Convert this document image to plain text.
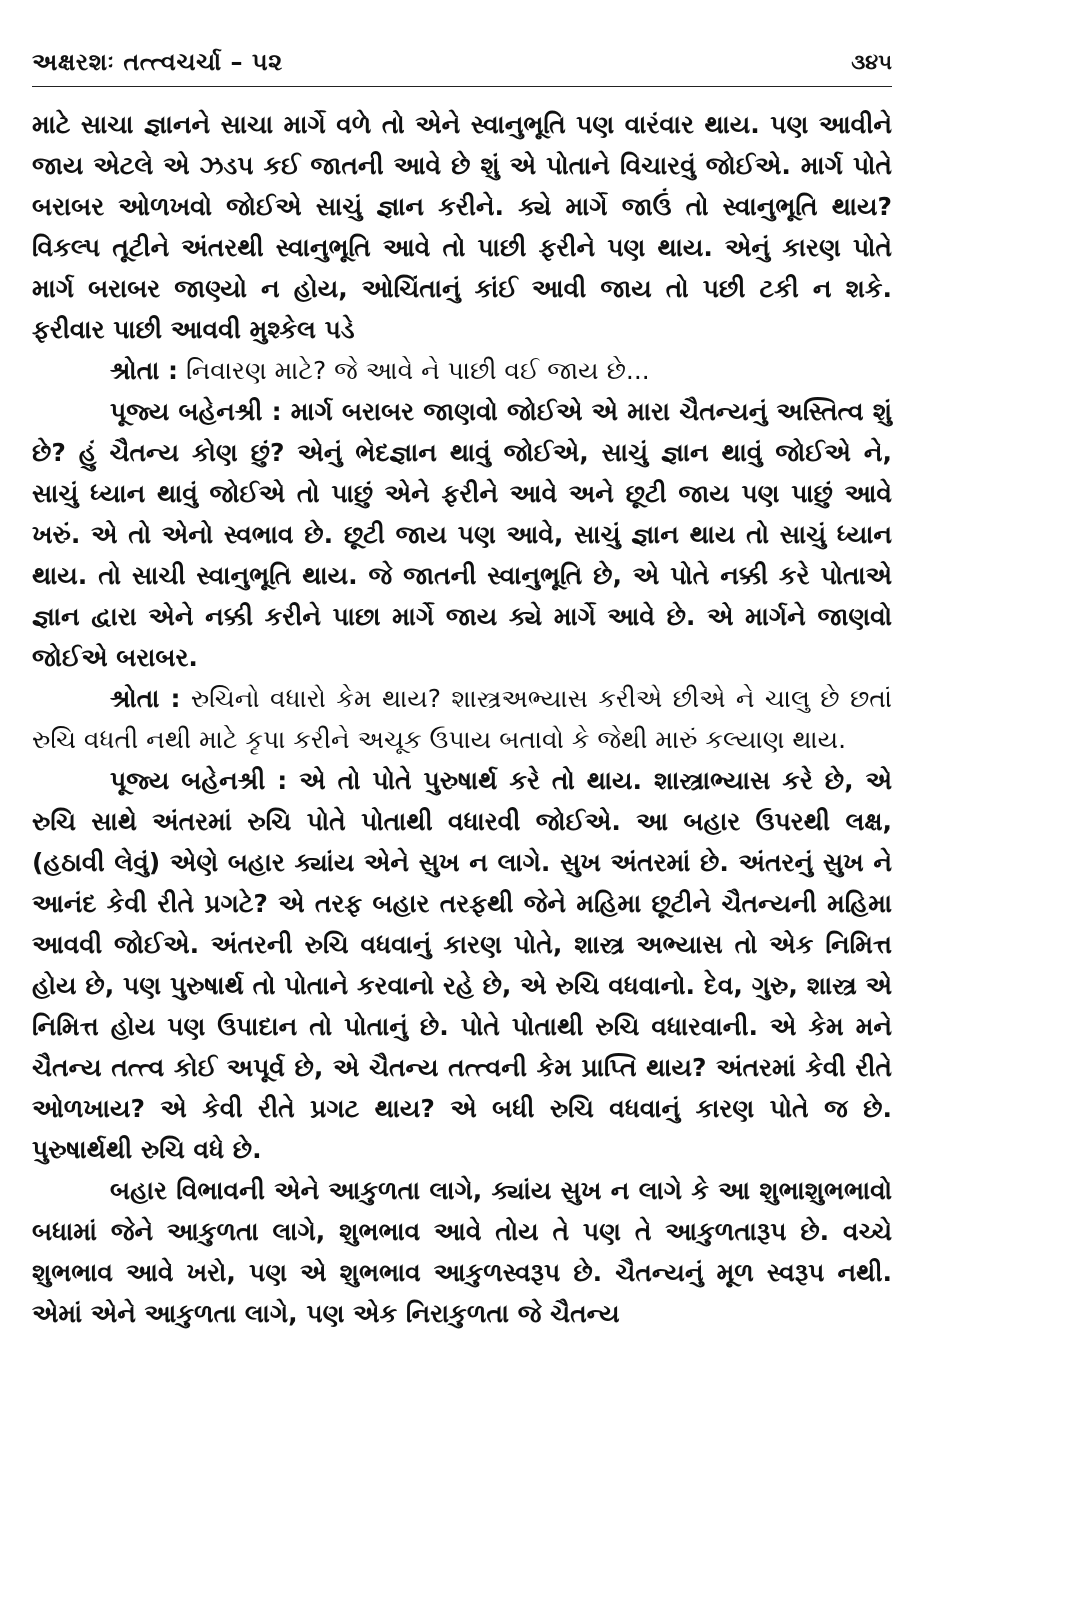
અક્ષરશઃ તત્ત્વચર્ચા – ૫૨	૩૪૫

માટે સાચા જ્ઞાનને સાચા માર્ગે વળે તો એને સ્વાનુભૂતિ પણ વારંવાર થાય. પણ આવીને જાય એટલે એ ઝડપ કઈ જાતની આવે છે શું એ પોતાને વિચારવું જોઈએ. માર્ગ પોતે બરાબર ઓળખવો જોઈએ સાચું જ્ઞાન કરીને. ક્યે માર્ગે જાઉં તો સ્વાનુભૂતિ થાય? વિકલ્પ તૂટીને અંતરથી સ્વાનુભૂતિ આવે તો પાછી ફરીને પણ થાય. એનું કારણ પોતે માર્ગ બરાબર જાણ્યો ન હોય, ઓચિંતાનું કાંઈ આવી જાય તો પછી ટકી ન શકે. ફરીવાર પાછી આવવી મુશ્કેલ પડે

શ્રોતા : નિવારણ માટે? જે આવે ને પાછી વઈ જાય છે...

પૂજ્ય બહેનશ્રી : માર્ગ બરાબર જાણવો જોઈએ એ મારા ચૈતન્યનું અસ્તિત્વ શું છે? હું ચૈતન્ય કોણ છું? એનું ભેદજ્ઞાન થાવું જોઈએ, સાચું જ્ઞાન થાવું જોઈએ ને, સાચું ધ્યાન થાવું જોઈએ તો પાછું એને ફરીને આવે અને છૂટી જાય પણ પાછું આવે ખરું. એ તો એનો સ્વભાવ છે. છૂટી જાય પણ આવે, સાચું જ્ઞાન થાય તો સાચું ધ્યાન થાય. તો સાચી સ્વાનુભૂતિ થાય. જે જાતની સ્વાનુભૂતિ છે, એ પોતે નક્કી કરે પોતાએ જ્ઞાન દ્વારા એને નક્કી કરીને પાછા માર્ગે જાય ક્યે માર્ગે આવે છે. એ માર્ગને જાણવો જોઈએ બરાબર.

શ્રોતા : રુચિનો વધારો કેમ થાય? શાસ્ત્રઅભ્યાસ કરીએ છીએ ને ચાલુ છે છતાં રુચિ વધતી નથી માટે કૃપા કરીને અચૂક ઉપાય બતાવો કે જેથી મારું કલ્યાણ થાય.

પૂજ્ય બહેનશ્રી : એ તો પોતે પુરુષાર્થ કરે તો થાય. શાસ્ત્રાભ્યાસ કરે છે, એ રુચિ સાથે અંતરમાં રુચિ પોતે પોતાથી વધારવી જોઈએ. આ બહાર ઉપરથી લક્ષ, (હઠાવી લેવું) એણે બહાર ક્યાંય એને સુખ ન લાગે. સુખ અંતરમાં છે. અંતરનું સુખ ને આનંદ કેવી રીતે પ્રગટે? એ તરફ બહાર તરફથી જેને મહિમા છૂટીને ચૈતન્યની મહિમા આવવી જોઈએ. અંતરની રુચિ વધવાનું કારણ પોતે, શાસ્ત્ર અભ્યાસ તો એક નિમિત્ત હોય છે, પણ પુરુષાર્થ તો પોતાને કરવાનો રહે છે, એ રુચિ વધવાનો. દેવ, ગુરુ, શાસ્ત્ર એ નિમિત્ત હોય પણ ઉપાદાન તો પોતાનું છે. પોતે પોતાથી રુચિ વધારવાની. એ કેમ મને ચૈતન્ય તત્ત્વ કોઈ અપૂર્વ છે, એ ચૈતન્ય તત્ત્વની કેમ પ્રાપ્તિ થાય? અંતરમાં કેવી રીતે ઓળખાય? એ કેવી રીતે પ્રગટ થાય? એ બધી રુચિ વધવાનું કારણ પોતે જ છે. પુરુષાર્થથી રુચિ વધે છે.

બહાર વિભાવની એને આકુળતા લાગે, ક્યાંય સુખ ન લાગે કે આ શુભાશુભભાવો બધામાં જેને આકુળતા લાગે, શુભભાવ આવે તોય તે પણ તે આકુળતારૂપ છે. વચ્ચે શુભભાવ આવે ખરો, પણ એ શુભભાવ આકુળસ્વરૂપ છે. ચૈતન્યનું મૂળ સ્વરૂપ નથી. એમાં એને આકુળતા લાગે, પણ એક નિરાકુળતા જે ચૈતન્ય
